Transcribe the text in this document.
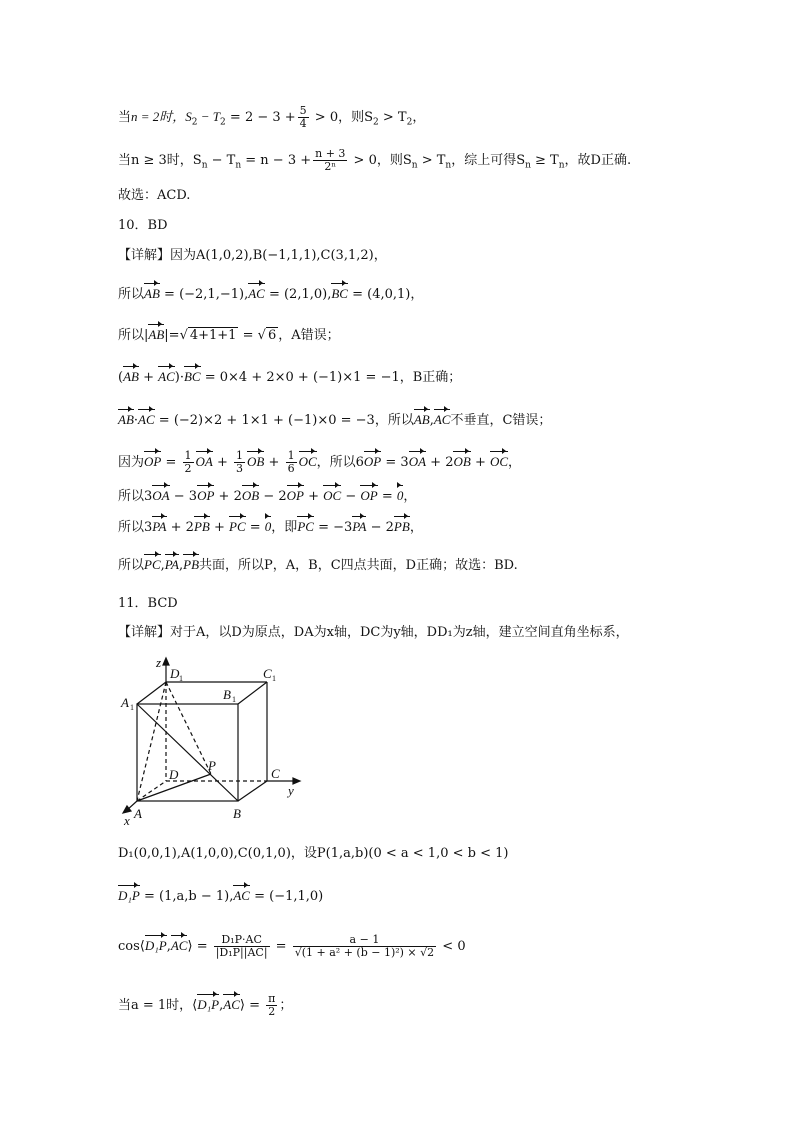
当n = 2时，$S_2 - T_2 = 2 - 3 + \frac{5}{4} > 0$，则$S_2 > T_2$，
当n ≥ 3时，$S_n - T_n = n - 3 + \frac{n + 3}{\text{2ⁿ}} > 0$，则$S_n > T_n$，综上可得$S_n \ge T_n$，故D正确.
故选：ACD.
10．BD
【详解】因为A(1,0,2),B(−1,1,1),C(3,1,2)，
所以AB = (−2,1,−1),AC = (2,1,0),BC = (4,0,1)，
所以|AB|=√ 4+1+1 = √ 6 ，A错误；
(AB + AC)·BC = 0×4 + 2×0 + (−1)×1 = −1，B正确；
AB·AC = (−2)×2 + 1×1 + (−1)×0 = −3，所以AB,AC不垂直，C错误；
因为OP = $\frac{1}{2}$ OA + $\frac{1}{3}$ OB + $\frac{1}{6}$ OC，所以6OP = 3OA + 2OB + OC，
所以3OA − 3OP + 2OB − 2OP + OC − OP = 0，
所以3PA + 2PB + PC = 0，即PC = −3PA − 2PB，
所以PC,PA,PB共面，所以P，A，B，C四点共面，D正确；故选：BD.
11．BCD
【详解】对于A，以D为原点，DA为x轴，DC为y轴，DD₁为z轴，建立空间直角坐标系，
z
y
x A	B
C
D
P
A 1
B 1
C 1
D 1
D₁(0,0,1),A(1,0,0),C(0,1,0)，设P(1,a,b)(0 < a < 1,0 < b < 1)
D₁P = (1,a,b − 1),AC = (−1,1,0)
cos⟨D₁P,AC⟩ = $\frac{\text{D₁P·AC}}{\text{|D₁P||AC|}} = \frac{a - 1}{\text{√(1 + a² + (b − 1)²) × √2}} < 0$
当a = 1时，⟨D₁P,AC⟩ = $\frac{\pi}{2}$ ；
